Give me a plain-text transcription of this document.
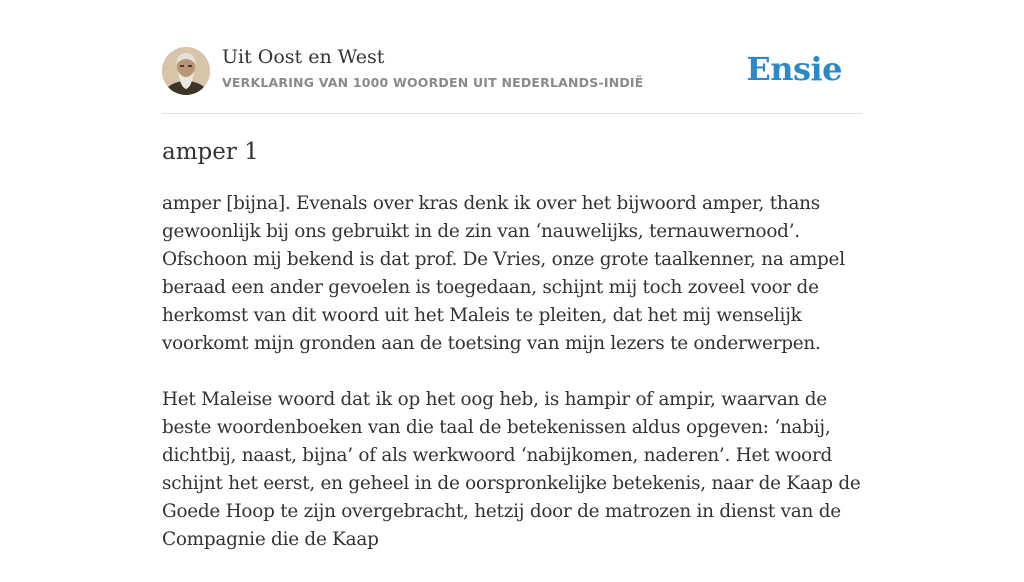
Uit Oost en West
VERKLARING VAN 1000 WOORDEN UIT NEDERLANDS-INDIË	Ensie
amper 1

amper [bijna]. Evenals over kras denk ik over het bijwoord amper, thans gewoonlijk bij ons gebruikt in de zin van ‘nauwelijks, ternauwernood’. Ofschoon mij bekend is dat prof. De Vries, onze grote taalkenner, na ampel beraad een ander gevoelen is toegedaan, schijnt mij toch zoveel voor de herkomst van dit woord uit het Maleis te pleiten, dat het mij wenselijk voorkomt mijn gronden aan de toetsing van mijn lezers te onderwerpen.

Het Maleise woord dat ik op het oog heb, is hampir of ampir, waarvan de beste woordenboeken van die taal de betekenissen aldus opgeven: ‘nabij, dichtbij, naast, bijna’ of als werkwoord ‘nabijkomen, naderen’. Het woord schijnt het eerst, en geheel in de oorspronkelijke betekenis, naar de Kaap de Goede Hoop te zijn overgebracht, hetzij door de matrozen in dienst van de Compagnie die de Kaap
